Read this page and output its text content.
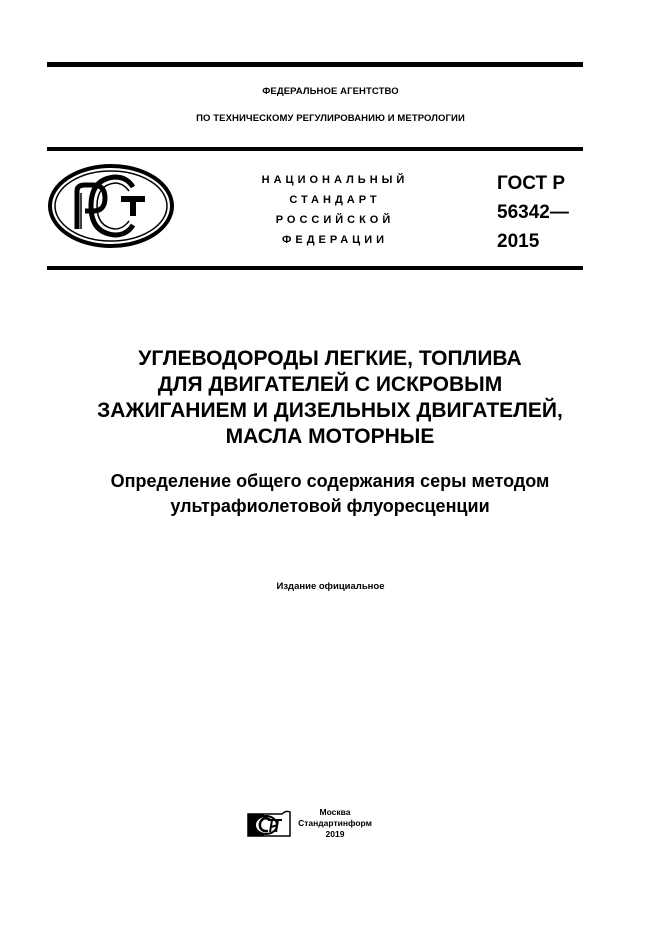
ФЕДЕРАЛЬНОЕ АГЕНТСТВО
ПО ТЕХНИЧЕСКОМУ РЕГУЛИРОВАНИЮ И МЕТРОЛОГИИ
НАЦИОНАЛЬНЫЙ
СТАНДАРТ
РОССИЙСКОЙ
ФЕДЕРАЦИИ
ГОСТ Р
56342—
2015
УГЛЕВОДОРОДЫ ЛЕГКИЕ, ТОПЛИВА
ДЛЯ ДВИГАТЕЛЕЙ С ИСКРОВЫМ
ЗАЖИГАНИЕМ И ДИЗЕЛЬНЫХ ДВИГАТЕЛЕЙ,
МАСЛА МОТОРНЫЕ
Определение общего содержания серы методом
ультрафиолетовой флуоресценции
Издание официальное
Москва
Стандартинформ
2019
